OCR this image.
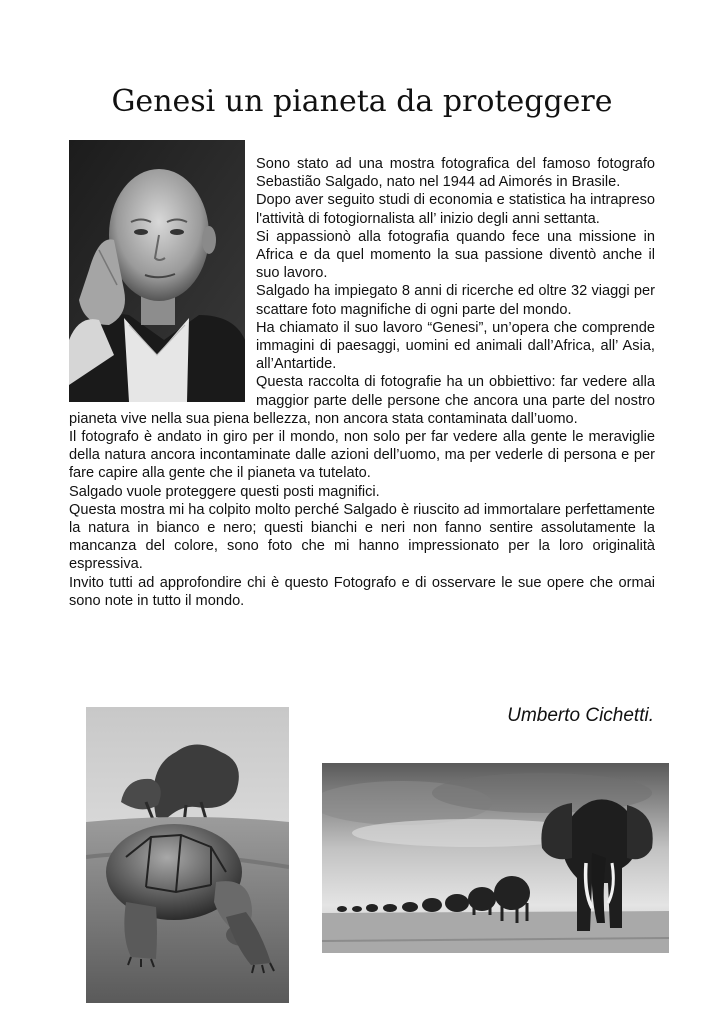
Genesi un pianeta da proteggere

Sono stato ad una mostra fotografica del famoso fotografo Sebastião Salgado, nato nel 1944 ad Aimorés in Brasile.

Dopo aver seguito studi di economia e statistica ha intrapreso l'attività di fotogiornalista all’ inizio degli anni settanta.

Si appassionò alla fotografia quando fece una missione in Africa e da quel momento la sua passione diventò anche il suo lavoro.

Salgado ha impiegato 8 anni di ricerche ed oltre 32 viaggi per scattare foto magnifiche di ogni parte del mondo.

Ha chiamato il suo lavoro “Genesi”, un’opera che comprende immagini di paesaggi, uomini ed animali dall’Africa, all’ Asia, all’Antartide.

Questa raccolta di fotografie ha un obbiettivo: far vedere alla maggior parte delle persone che ancora una parte del nostro pianeta vive nella sua piena bellezza, non ancora stata contaminata dall’uomo.

Il fotografo è andato in giro per il mondo, non solo per far vedere alla gente le meraviglie della natura ancora incontaminate dalle azioni dell’uomo, ma per vederle di persona e per fare capire alla gente che il pianeta va tutelato.

Salgado vuole proteggere questi posti magnifici.

Questa mostra mi ha colpito molto perché Salgado è riuscito ad immortalare perfettamente la natura in bianco e nero; questi bianchi e neri non fanno sentire assolutamente la mancanza del colore, sono foto che mi hanno impressionato per la loro originalità espressiva.

Invito tutti ad approfondire chi è questo Fotografo e di osservare le sue opere che ormai sono note in tutto il mondo.

Umberto Cichetti.
